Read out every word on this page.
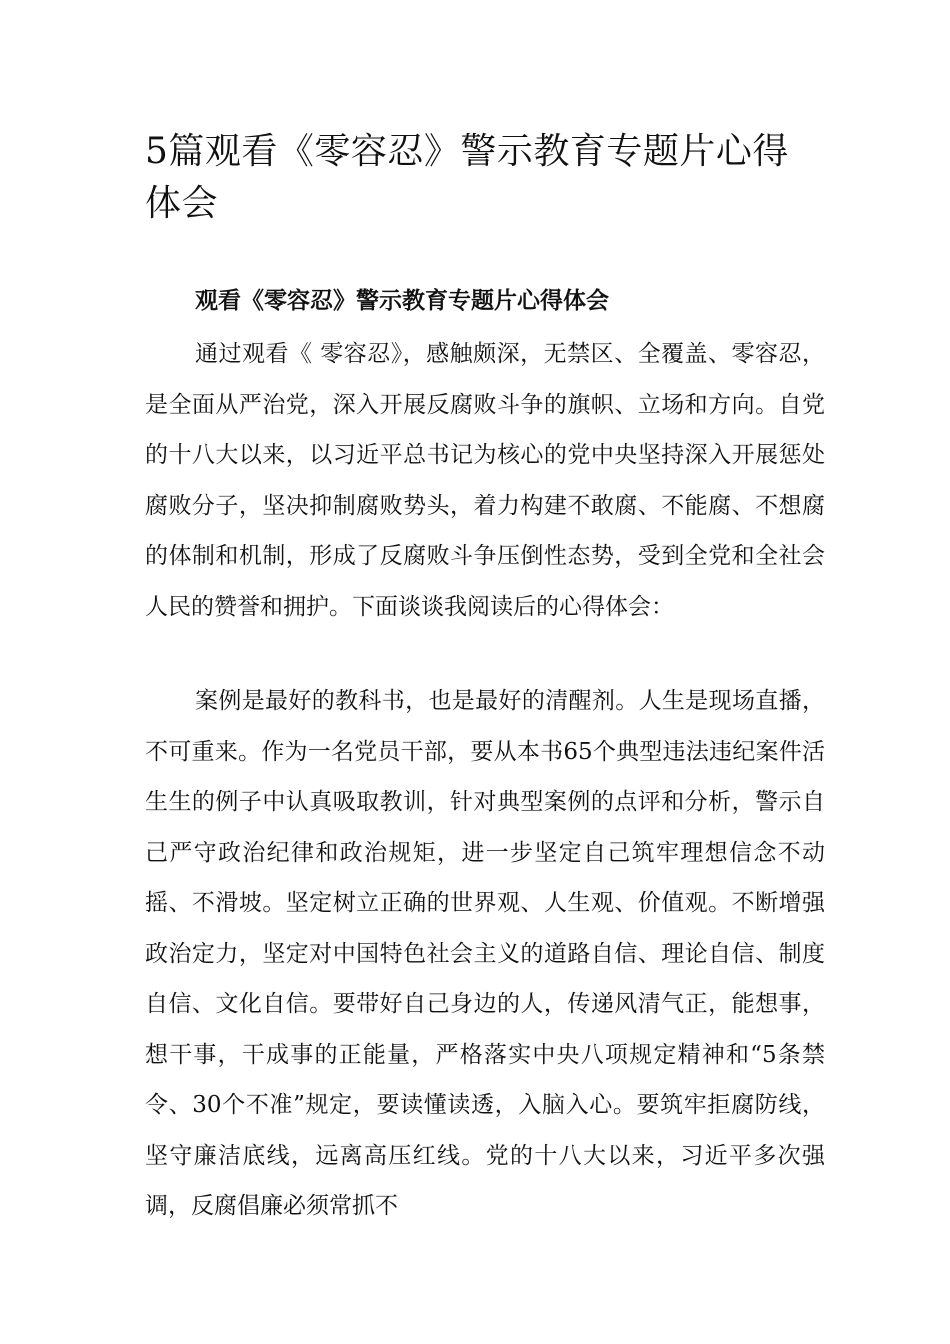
5篇观看《零容忍》警示教育专题片心得体会
观看《零容忍》警示教育专题片心得体会

通过观看《 零容忍》，感触颇深，无禁区、全覆盖、零容忍，是全面从严治党，深入开展反腐败斗争的旗帜、立场和方向。自党的十八大以来，以习近平总书记为核心的党中央坚持深入开展惩处腐败分子，坚决抑制腐败势头，着力构建不敢腐、不能腐、不想腐的体制和机制，形成了反腐败斗争压倒性态势，受到全党和全社会人民的赞誉和拥护。下面谈谈我阅读后的心得体会：

案例是最好的教科书，也是最好的清醒剂。人生是现场直播，不可重来。作为一名党员干部，要从本书65个典型违法违纪案件活生生的例子中认真吸取教训，针对典型案例的点评和分析，警示自己严守政治纪律和政治规矩，进一步坚定自己筑牢理想信念不动摇、不滑坡。坚定树立正确的世界观、人生观、价值观。不断增强政治定力，坚定对中国特色社会主义的道路自信、理论自信、制度自信、文化自信。要带好自己身边的人，传递风清气正，能想事，想干事，干成事的正能量，严格落实中央八项规定精神和“5条禁令、30个不准”规定，要读懂读透，入脑入心。要筑牢拒腐防线，坚守廉洁底线，远离高压红线。党的十八大以来，习近平多次强调，反腐倡廉必须常抓不
